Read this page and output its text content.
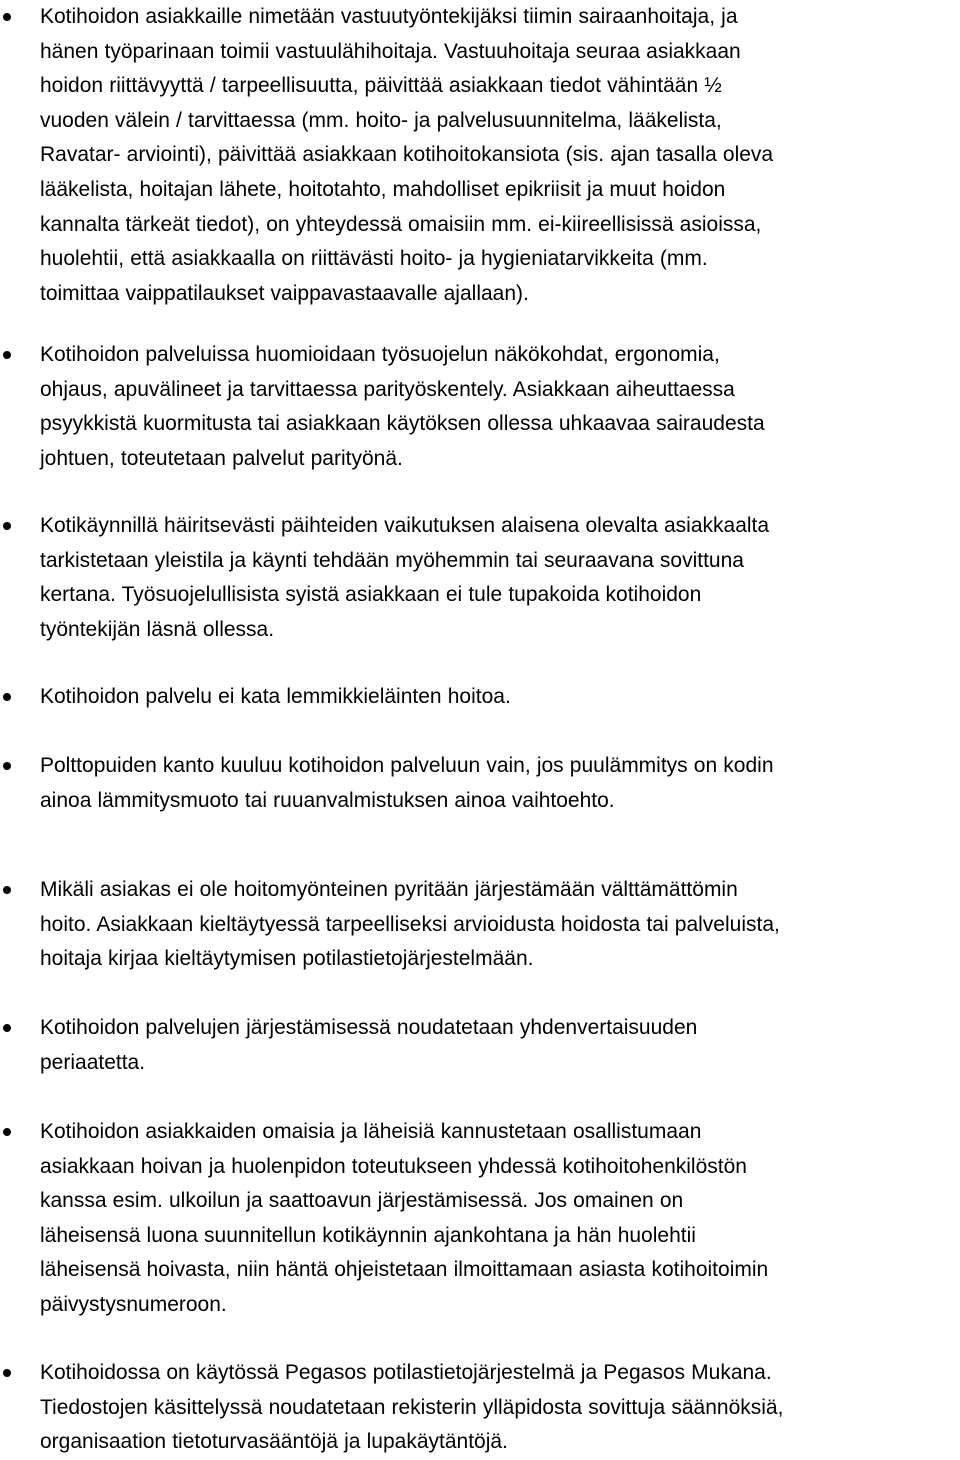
Kotihoidon asiakkaille nimetään vastuutyöntekijäksi tiimin sairaanhoitaja, ja
hänen työparinaan toimii vastuulähihoitaja. Vastuuhoitaja seuraa asiakkaan
hoidon riittävyyttä / tarpeellisuutta, päivittää asiakkaan tiedot vähintään ½
vuoden välein / tarvittaessa (mm. hoito- ja palvelusuunnitelma, lääkelista,
Ravatar- arviointi), päivittää asiakkaan kotihoitokansiota (sis. ajan tasalla oleva
lääkelista, hoitajan lähete, hoitotahto, mahdolliset epikriisit ja muut hoidon
kannalta tärkeät tiedot), on yhteydessä omaisiin mm. ei-kiireellisissä asioissa,
huolehtii, että asiakkaalla on riittävästi hoito- ja hygieniatarvikkeita (mm.
toimittaa vaippatilaukset vaippavastaavalle ajallaan).
Kotihoidon palveluissa huomioidaan työsuojelun näkökohdat, ergonomia,
ohjaus, apuvälineet ja tarvittaessa parityöskentely. Asiakkaan aiheuttaessa
psyykkistä kuormitusta tai asiakkaan käytöksen ollessa uhkaavaa sairaudesta
johtuen, toteutetaan palvelut parityönä.
Kotikäynnillä häiritsevästi päihteiden vaikutuksen alaisena olevalta asiakkaalta
tarkistetaan yleistila ja käynti tehdään myöhemmin tai seuraavana sovittuna
kertana. Työsuojelullisista syistä asiakkaan ei tule tupakoida kotihoidon
työntekijän läsnä ollessa.
Kotihoidon palvelu ei kata lemmikkieläinten hoitoa.
Polttopuiden kanto kuuluu kotihoidon palveluun vain, jos puulämmitys on kodin
ainoa lämmitysmuoto tai ruuanvalmistuksen ainoa vaihtoehto.
Mikäli asiakas ei ole hoitomyönteinen pyritään järjestämään välttämättömin
hoito. Asiakkaan kieltäytyessä tarpeelliseksi arvioidusta hoidosta tai palveluista,
hoitaja kirjaa kieltäytymisen potilastietojärjestelmään.
Kotihoidon palvelujen järjestämisessä noudatetaan yhdenvertaisuuden
periaatetta.
Kotihoidon asiakkaiden omaisia ja läheisiä kannustetaan osallistumaan
asiakkaan hoivan ja huolenpidon toteutukseen yhdessä kotihoitohenkilöstön
kanssa esim. ulkoilun ja saattoavun järjestämisessä. Jos omainen on
läheisensä luona suunnitellun kotikäynnin ajankohtana ja hän huolehtii
läheisensä hoivasta, niin häntä ohjeistetaan ilmoittamaan asiasta kotihoitoimin
päivystysnumeroon.
Kotihoidossa on käytössä Pegasos potilastietojärjestelmä ja Pegasos Mukana.
Tiedostojen käsittelyssä noudatetaan rekisterin ylläpidosta sovittuja säännöksiä,
organisaation tietoturvasääntöjä ja lupakäytäntöjä.
